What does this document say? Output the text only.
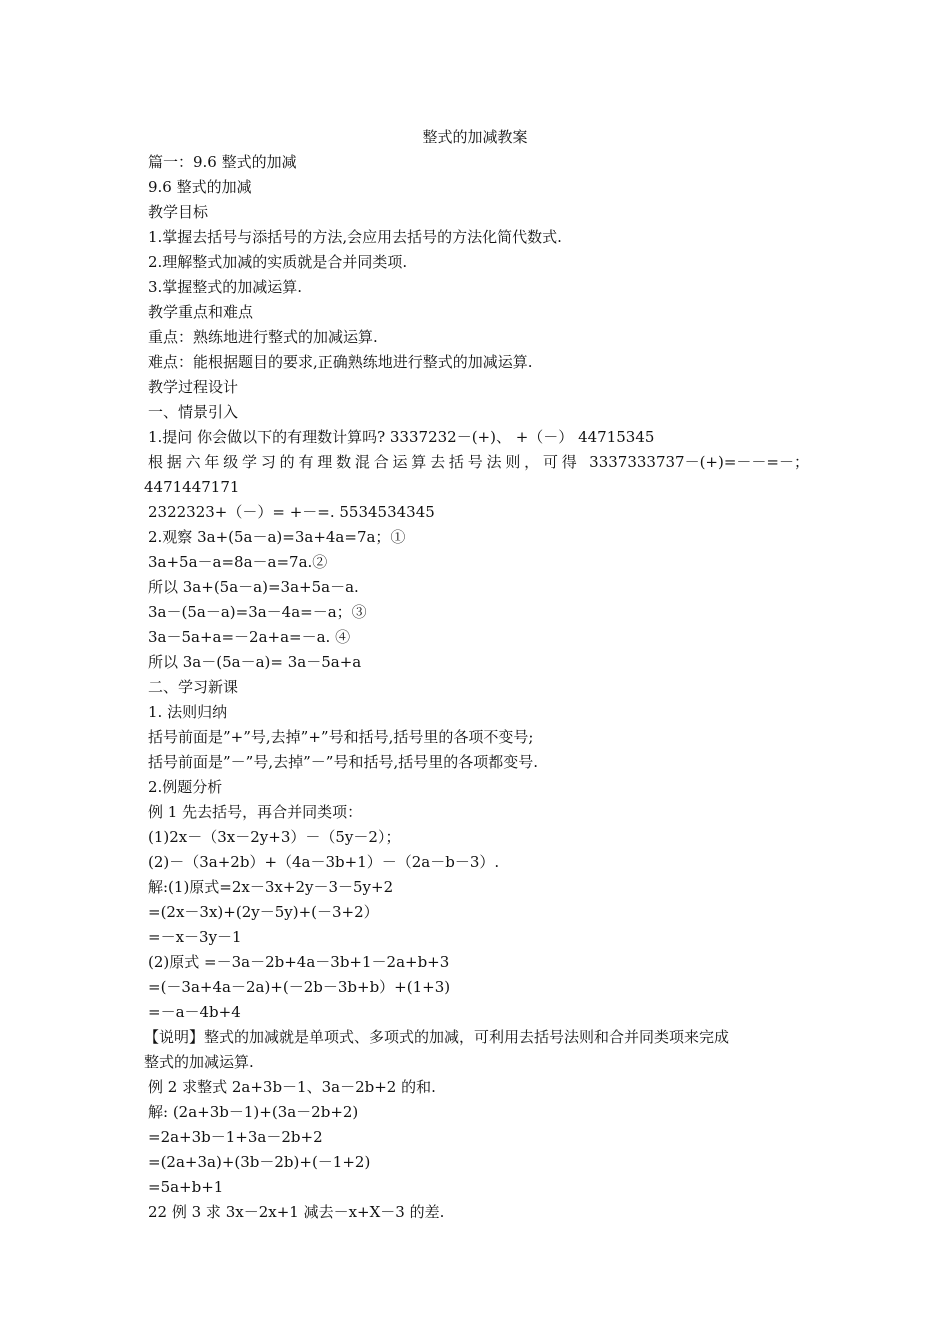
整式的加减教案
篇一：9.6 整式的加减
9.6 整式的加减
教学目标
1.掌握去括号与添括号的方法,会应用去括号的方法化简代数式.
2.理解整式加减的实质就是合并同类项.
3.掌握整式的加减运算.
教学重点和难点
重点：熟练地进行整式的加减运算.
难点：能根据题目的要求,正确熟练地进行整式的加减运算.
教学过程设计
一、情景引入
1.提问 你会做以下的有理数计算吗? 3337232－(+)、 +（－） 44715345
根据六年级学习的有理数混合运算去括号法则，可得 3337333737－(+)=－－=－；
4471447171
2322323+（－）= +－=. 5534534345
2.观察 3a+(5a－a)=3a+4a=7a；①
3a+5a－a=8a－a=7a.②
所以 3a+(5a－a)=3a+5a－a.
3a－(5a－a)=3a－4a=－a；③
3a－5a+a=－2a+a=－a. ④
所以 3a－(5a－a)= 3a－5a+a
二、学习新课
1. 法则归纳
括号前面是”+”号,去掉”+”号和括号,括号里的各项不变号;
括号前面是”－”号,去掉”－”号和括号,括号里的各项都变号.
2.例题分析
例 1 先去括号，再合并同类项：
(1)2x－（3x－2y+3）－（5y－2）；
(2)－（3a+2b）+（4a－3b+1）－（2a－b－3）.
解:(1)原式=2x－3x+2y－3－5y+2
=(2x－3x)+(2y－5y)+(－3+2）
=－x－3y－1
(2)原式 =－3a－2b+4a－3b+1－2a+b+3
=(－3a+4a－2a)+(－2b－3b+b）+(1+3)
=－a－4b+4
【说明】整式的加减就是单项式、多项式的加减，可利用去括号法则和合并同类项来完成
整式的加减运算.
例 2 求整式 2a+3b－1、3a－2b+2 的和.
解: (2a+3b－1)+(3a－2b+2)
=2a+3b－1+3a－2b+2
=(2a+3a)+(3b－2b)+(－1+2)
=5a+b+1
22 例 3 求 3x－2x+1 减去－x+X－3 的差.
